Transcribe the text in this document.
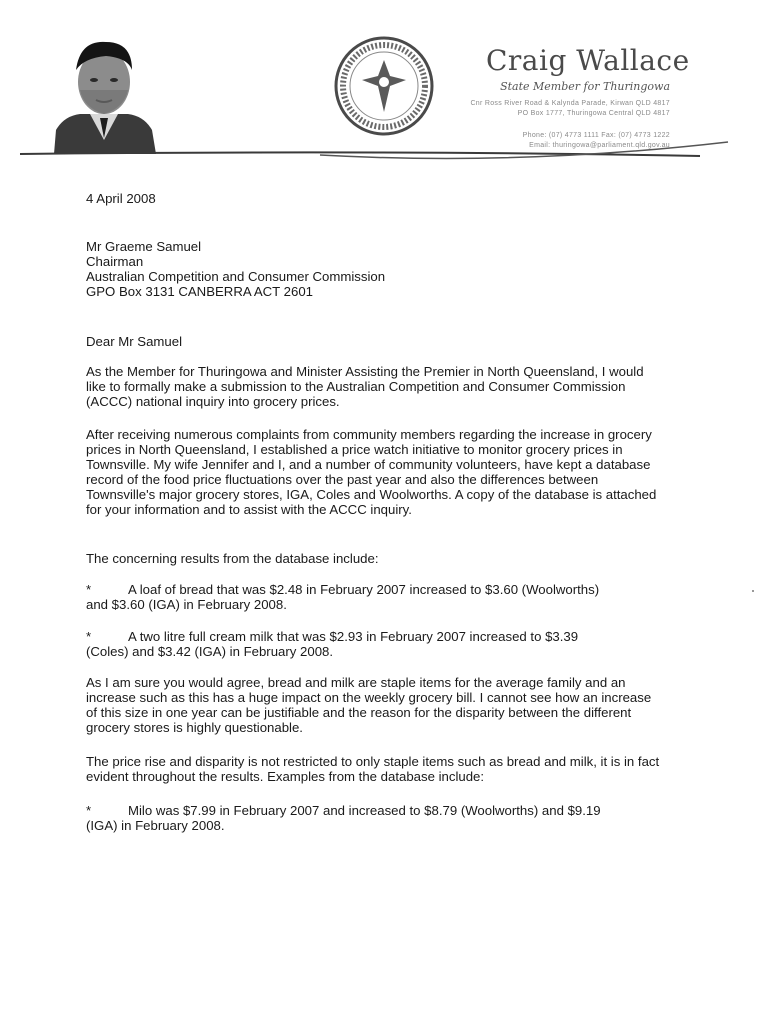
Craig Wallace
State Member for Thuringowa
Cnr Ross River Road & Kalynda Parade, Kirwan QLD 4817
PO Box 1777, Thuringowa Central QLD 4817
Phone: (07) 4773 1111 Fax: (07) 4773 1222
Email: thuringowa@parliament.qld.gov.au
4 April 2008

Mr Graeme Samuel

Chairman

Australian Competition and Consumer Commission

GPO Box 3131 CANBERRA ACT 2601

Dear Mr Samuel
As the Member for Thuringowa and Minister Assisting the Premier in North Queensland, I would like to formally make a submission to the Australian Competition and Consumer Commission (ACCC) national inquiry into grocery prices.
After receiving numerous complaints from community members regarding the increase in grocery prices in North Queensland, I established a price watch initiative to monitor grocery prices in Townsville. My wife Jennifer and I, and a number of community volunteers, have kept a database record of the food price fluctuations over the past year and also the differences between Townsville's major grocery stores, IGA, Coles and Woolworths. A copy of the database is attached for your information and to assist with the ACCC inquiry.
The concerning results from the database include:
*	A loaf of bread that was $2.48 in February 2007 increased to $3.60 (Woolworths)
and $3.60 (IGA) in February 2008.
*	A two litre full cream milk that was $2.93 in February 2007 increased to $3.39
(Coles) and $3.42 (IGA) in February 2008.
As I am sure you would agree, bread and milk are staple items for the average family and an increase such as this has a huge impact on the weekly grocery bill. I cannot see how an increase of this size in one year can be justifiable and the reason for the disparity between the different grocery stores is highly questionable.
The price rise and disparity is not restricted to only staple items such as bread and milk, it is in fact evident throughout the results. Examples from the database include:
*	Milo was $7.99 in February 2007 and increased to $8.79 (Woolworths) and $9.19
(IGA) in February 2008.
